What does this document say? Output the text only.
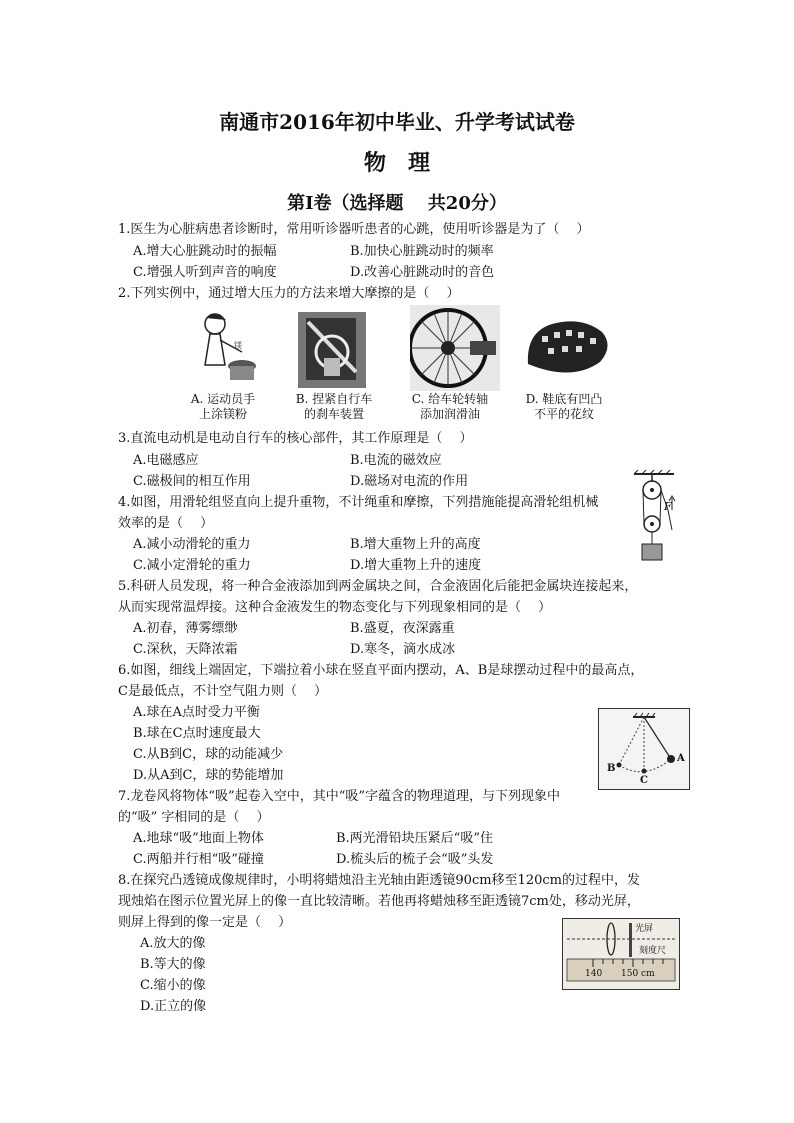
南通市2016年初中毕业、升学考试试卷
物　理
第Ⅰ卷（选择题　 共20分）
1.医生为心脏病患者诊断时，常用听诊器听患者的心跳，使用听诊器是为了（　 ）
A.增大心脏跳动时的振幅	B.加快心脏跳动时的频率
C.增强人听到声音的响度	D.改善心脏跳动时的音色
2.下列实例中，通过增大压力的方法来增大摩擦的是（　 ）
镁
A. 运动员手
上涂镁粉
B. 捏紧自行车
的刹车装置
C. 给车轮转轴
添加润滑油
D. 鞋底有凹凸
不平的花纹
3.直流电动机是电动自行车的核心部件，其工作原理是（　 ）
A.电磁感应	B.电流的磁效应
C.磁极间的相互作用	D.磁场对电流的作用
4.如图，用滑轮组竖直向上提升重物，不计绳重和摩擦，下列措施能提高滑轮组机械
效率的是（　 ）
A.减小动滑轮的重力	B.增大重物上升的高度
C.减小定滑轮的重力	D.增大重物上升的速度
F
5.科研人员发现，将一种合金液添加到两金属块之间，合金液固化后能把金属块连接起来，
从而实现常温焊接。这种合金液发生的物态变化与下列现象相同的是（　 ）
A.初春，薄雾缥缈	B.盛夏，夜深露重
C.深秋，天降浓霜	D.寒冬，滴水成冰
6.如图，细线上端固定，下端拉着小球在竖直平面内摆动，A、B是球摆动过程中的最高点，
C是最低点，不计空气阻力则（　 ）
A.球在A点时受力平衡
B.球在C点时速度最大
C.从B到C，球的动能减少
D.从A到C，球的势能增加
A
B
C
7.龙卷风将物体“吸”起卷入空中，其中“吸”字蕴含的物理道理，与下列现象中
的“吸” 字相同的是（　 ）
A.地球“吸”地面上物体	B.两光滑铅块压紧后“吸”住
C.两船并行相“吸”碰撞	D.梳头后的梳子会“吸”头发
8.在探究凸透镜成像规律时，小明将蜡烛沿主光轴由距透镜90cm移至120cm的过程中，发
现烛焰在图示位置光屏上的像一直比较清晰。若他再将蜡烛移至距透镜7cm处，移动光屏，
则屏上得到的像一定是（　 ）
A.放大的像
B.等大的像
C.缩小的像
D.正立的像
光屏
刻度尺
140 150 cm
